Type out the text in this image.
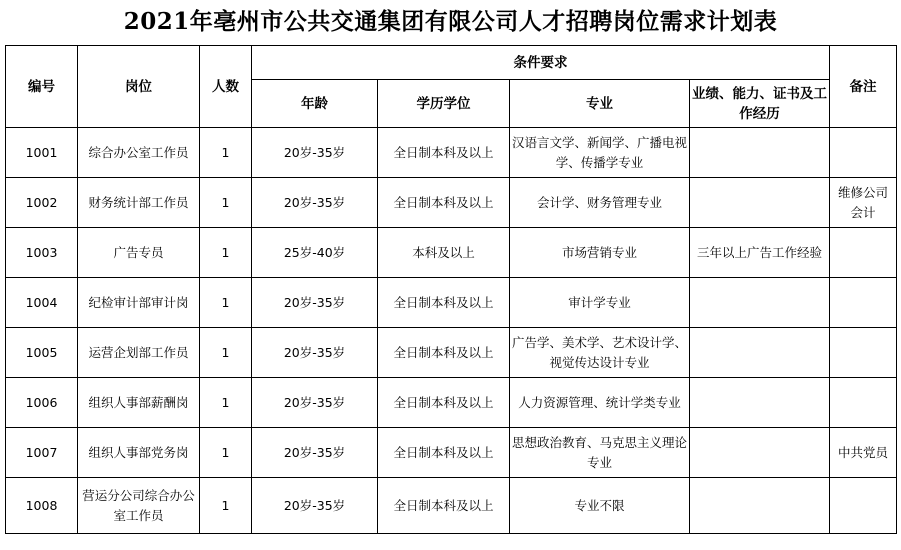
2021年亳州市公共交通集团有限公司人才招聘岗位需求计划表
编号	岗位	人数	条件要求				备注
			年龄	学历学位	专业	业绩、能力、证书及工作经历	
1001	综合办公室工作员	1	20岁-35岁	全日制本科及以上	汉语言文学、新闻学、广播电视学、传播学专业		
1002	财务统计部工作员	1	20岁-35岁	全日制本科及以上	会计学、财务管理专业		维修公司会计
1003	广告专员	1	25岁-40岁	本科及以上	市场营销专业	三年以上广告工作经验	
1004	纪检审计部审计岗	1	20岁-35岁	全日制本科及以上	审计学专业		
1005	运营企划部工作员	1	20岁-35岁	全日制本科及以上	广告学、美术学、艺术设计学、视觉传达设计专业		
1006	组织人事部薪酬岗	1	20岁-35岁	全日制本科及以上	人力资源管理、统计学类专业		
1007	组织人事部党务岗	1	20岁-35岁	全日制本科及以上	思想政治教育、马克思主义理论专业		中共党员
1008	营运分公司综合办公室工作员	1	20岁-35岁	全日制本科及以上	专业不限		
